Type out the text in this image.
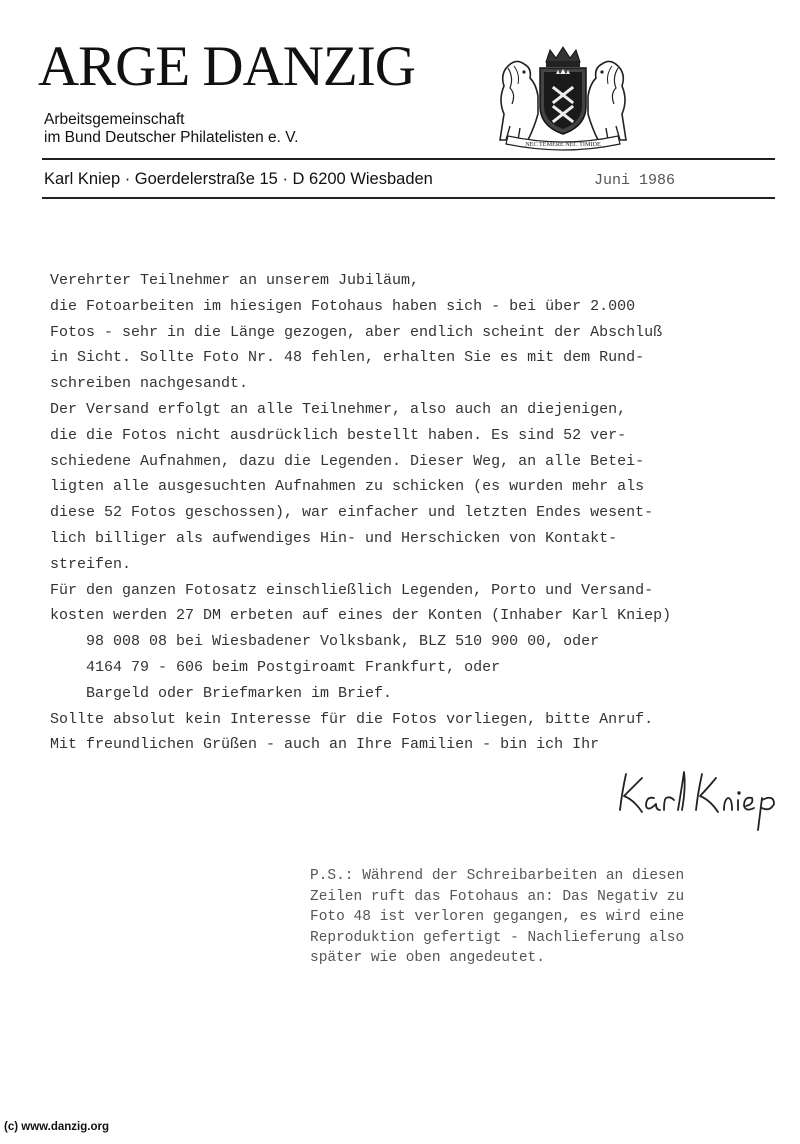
ARGE DANZIG
Arbeitsgemeinschaft
im Bund Deutscher Philatelisten e. V.	NEC TEMERE NEC TIMIDE
Karl Kniep · Goerdelerstraße 15 · D 6200 Wiesbaden	Juni 1986
Verehrter Teilnehmer an unserem Jubiläum,
die Fotoarbeiten im hiesigen Fotohaus haben sich - bei über 2.000
Fotos - sehr in die Länge gezogen, aber endlich scheint der Abschluß
in Sicht. Sollte Foto Nr. 48 fehlen, erhalten Sie es mit dem Rund-
schreiben nachgesandt.
Der Versand erfolgt an alle Teilnehmer, also auch an diejenigen,
die die Fotos nicht ausdrücklich bestellt haben. Es sind 52 ver-
schiedene Aufnahmen, dazu die Legenden. Dieser Weg, an alle Betei-
ligten alle ausgesuchten Aufnahmen zu schicken (es wurden mehr als
diese 52 Fotos geschossen), war einfacher und letzten Endes wesent-
lich billiger als aufwendiges Hin- und Herschicken von Kontakt-
streifen.
Für den ganzen Fotosatz einschließlich Legenden, Porto und Versand-
kosten werden 27 DM erbeten auf eines der Konten (Inhaber Karl Kniep)
98 008 08 bei Wiesbadener Volksbank, BLZ 510 900 00, oder
4164 79 - 606 beim Postgiroamt Frankfurt, oder
Bargeld oder Briefmarken im Brief.
Sollte absolut kein Interesse für die Fotos vorliegen, bitte Anruf.
Mit freundlichen Grüßen - auch an Ihre Familien - bin ich Ihr
P.S.: Während der Schreibarbeiten an diesen
Zeilen ruft das Fotohaus an: Das Negativ zu
Foto 48 ist verloren gegangen, es wird eine
Reproduktion gefertigt - Nachlieferung also
später wie oben angedeutet.
(c) www.danzig.org
